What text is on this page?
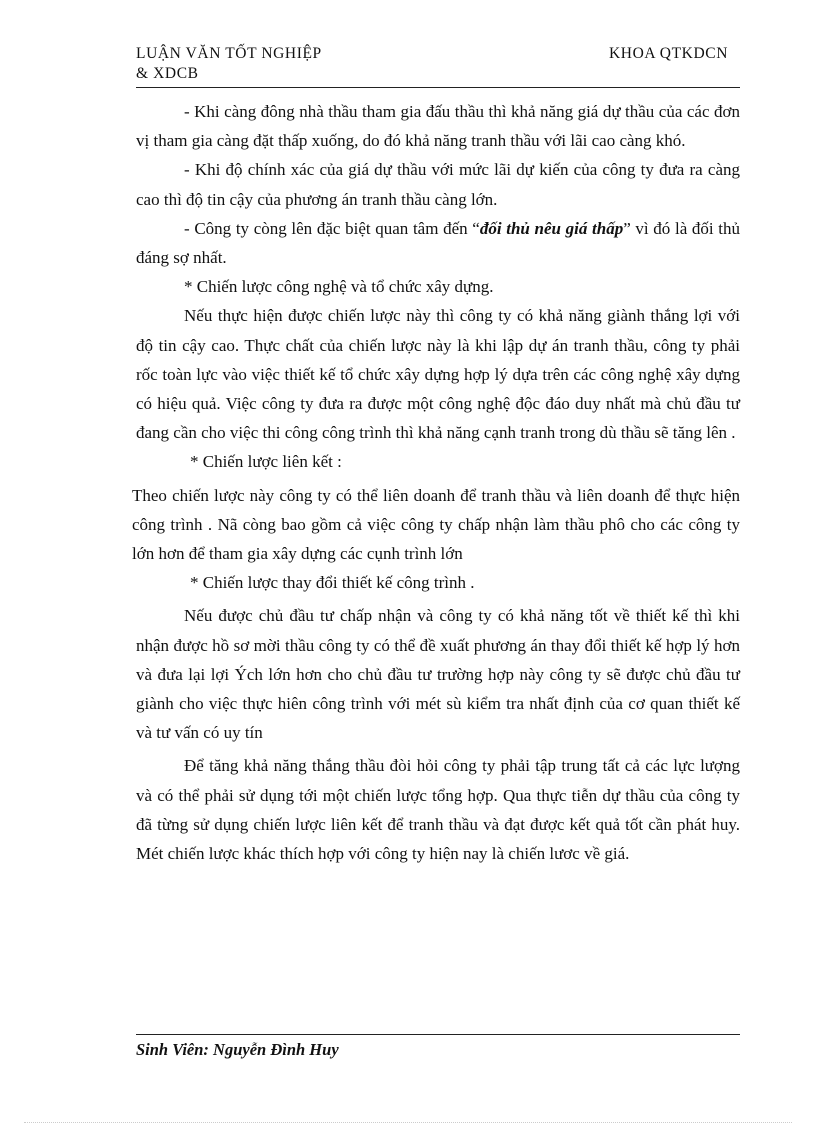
LUẬN VĂN TỐT NGHIỆP	KHOA QTKDCN
& XDCB

- Khi càng đông nhà thầu tham gia đấu thầu thì khả năng giá dự thầu của các đơn vị tham gia càng đặt thấp xuống, do đó khả năng tranh thầu với lãi cao càng khó.

- Khi độ chính xác của giá dự thầu với mức lãi dự kiến của công ty đưa ra càng cao thì độ tin cậy của phương án tranh thầu càng lớn.

- Công ty còng lên đặc biệt quan tâm đến “đối thủ nêu giá thấp” vì đó là đối thủ đáng sợ nhất.

* Chiến lược công nghệ và tổ chức xây dựng.

Nếu thực hiện được chiến lược này thì công ty có khả năng giành thắng lợi với độ tin cậy cao. Thực chất của chiến lược này là khi lập dự án tranh thầu, công ty phải rốc toàn lực vào việc thiết kế tổ chức xây dựng hợp lý dựa trên các công nghệ xây dựng có hiệu quả. Việc công ty đưa ra được một công nghệ độc đáo duy nhất mà chủ đầu tư đang cần cho việc thi công công trình thì khả năng cạnh tranh trong dù thầu sẽ tăng lên .

* Chiến lược liên kết :

Theo chiến lược này công ty có thể liên doanh để tranh thầu và liên doanh để thực hiện công trình . Nã còng bao gồm cả việc công ty chấp nhận làm thầu phô cho các công ty lớn hơn để tham gia xây dựng các cụnh trình lớn

* Chiến lược thay đổi thiết kế công trình .

Nếu được chủ đầu tư chấp nhận và công ty có khả năng tốt về thiết kế thì khi nhận được hồ sơ mời thầu công ty có thể đề xuất phương án thay đổi thiết kế hợp lý hơn và đưa lại lợi Ých lớn hơn cho chủ đầu tư trường hợp này công ty sẽ được chủ đầu tư giành cho việc thực hiên công trình với mét sù kiểm tra nhất định của cơ quan thiết kế và tư vấn có uy tín

Để tăng khả năng thắng thầu đòi hỏi công ty phải tập trung tất cả các lực lượng và có thể phải sử dụng tới một chiến lược tổng hợp. Qua thực tiễn dự thầu của công ty đã từng sử dụng chiến lược liên kết để tranh thầu và đạt được kết quả tốt cần phát huy. Mét chiến lược khác thích hợp với công ty hiện nay là chiến lươc về giá.

Sinh Viên: Nguyễn Đình Huy
